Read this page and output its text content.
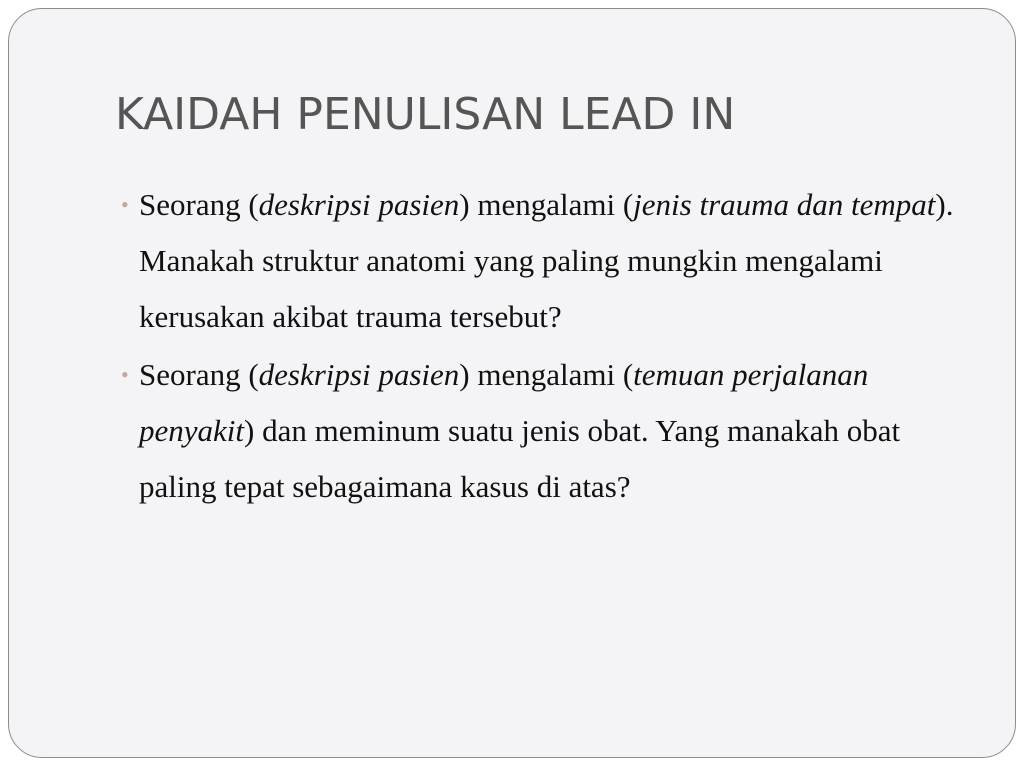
KAIDAH PENULISAN LEAD IN
• Seorang (deskripsi pasien) mengalami (jenis trauma dan tempat). Manakah struktur anatomi yang paling mungkin mengalami kerusakan akibat trauma tersebut?
• Seorang (deskripsi pasien) mengalami (temuan perjalanan penyakit) dan meminum suatu jenis obat. Yang manakah obat paling tepat sebagaimana kasus di atas?
